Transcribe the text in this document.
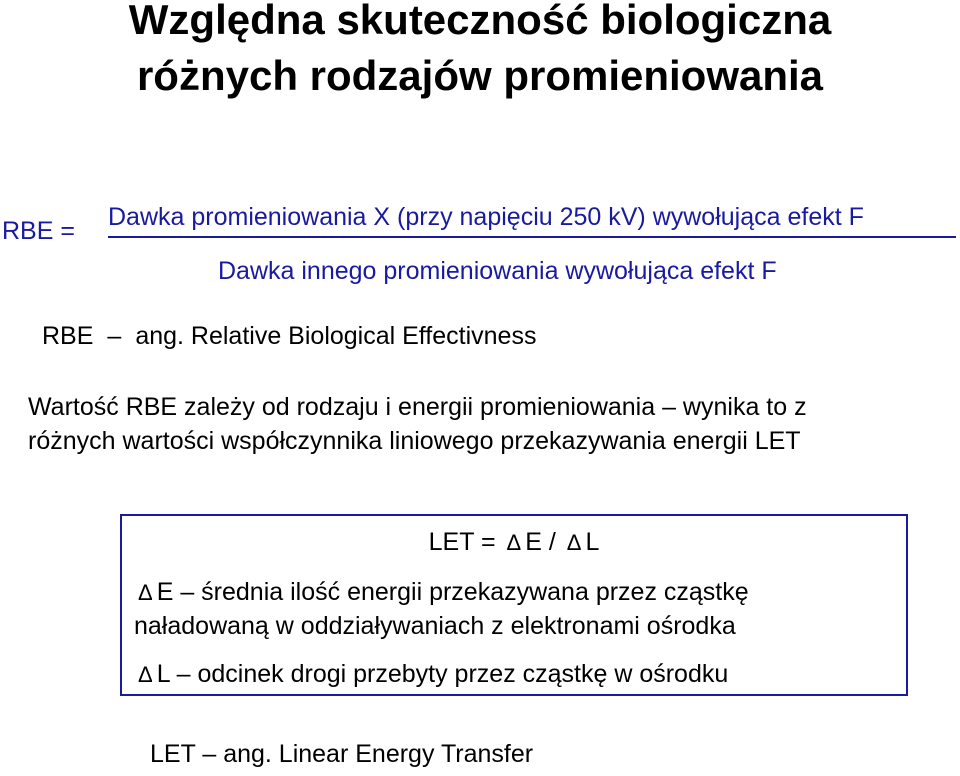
Względna skuteczność biologiczna
różnych rodzajów promieniowania
RBE = Dawka promieniowania X (przy napięciu 250 kV) wywołująca efekt F
Dawka innego promieniowania wywołująca efekt F
RBE – ang. Relative Biological Effectivness
Wartość RBE zależy od rodzaju i energii promieniowania – wynika to z
różnych wartości współczynnika liniowego przekazywania energii LET
LET = Δ E / Δ L
Δ E – średnia ilość energii przekazywana przez cząstkę
naładowaną w oddziaływaniach z elektronami ośrodka
Δ L – odcinek drogi przebyty przez cząstkę w ośrodku
LET – ang. Linear Energy Transfer
